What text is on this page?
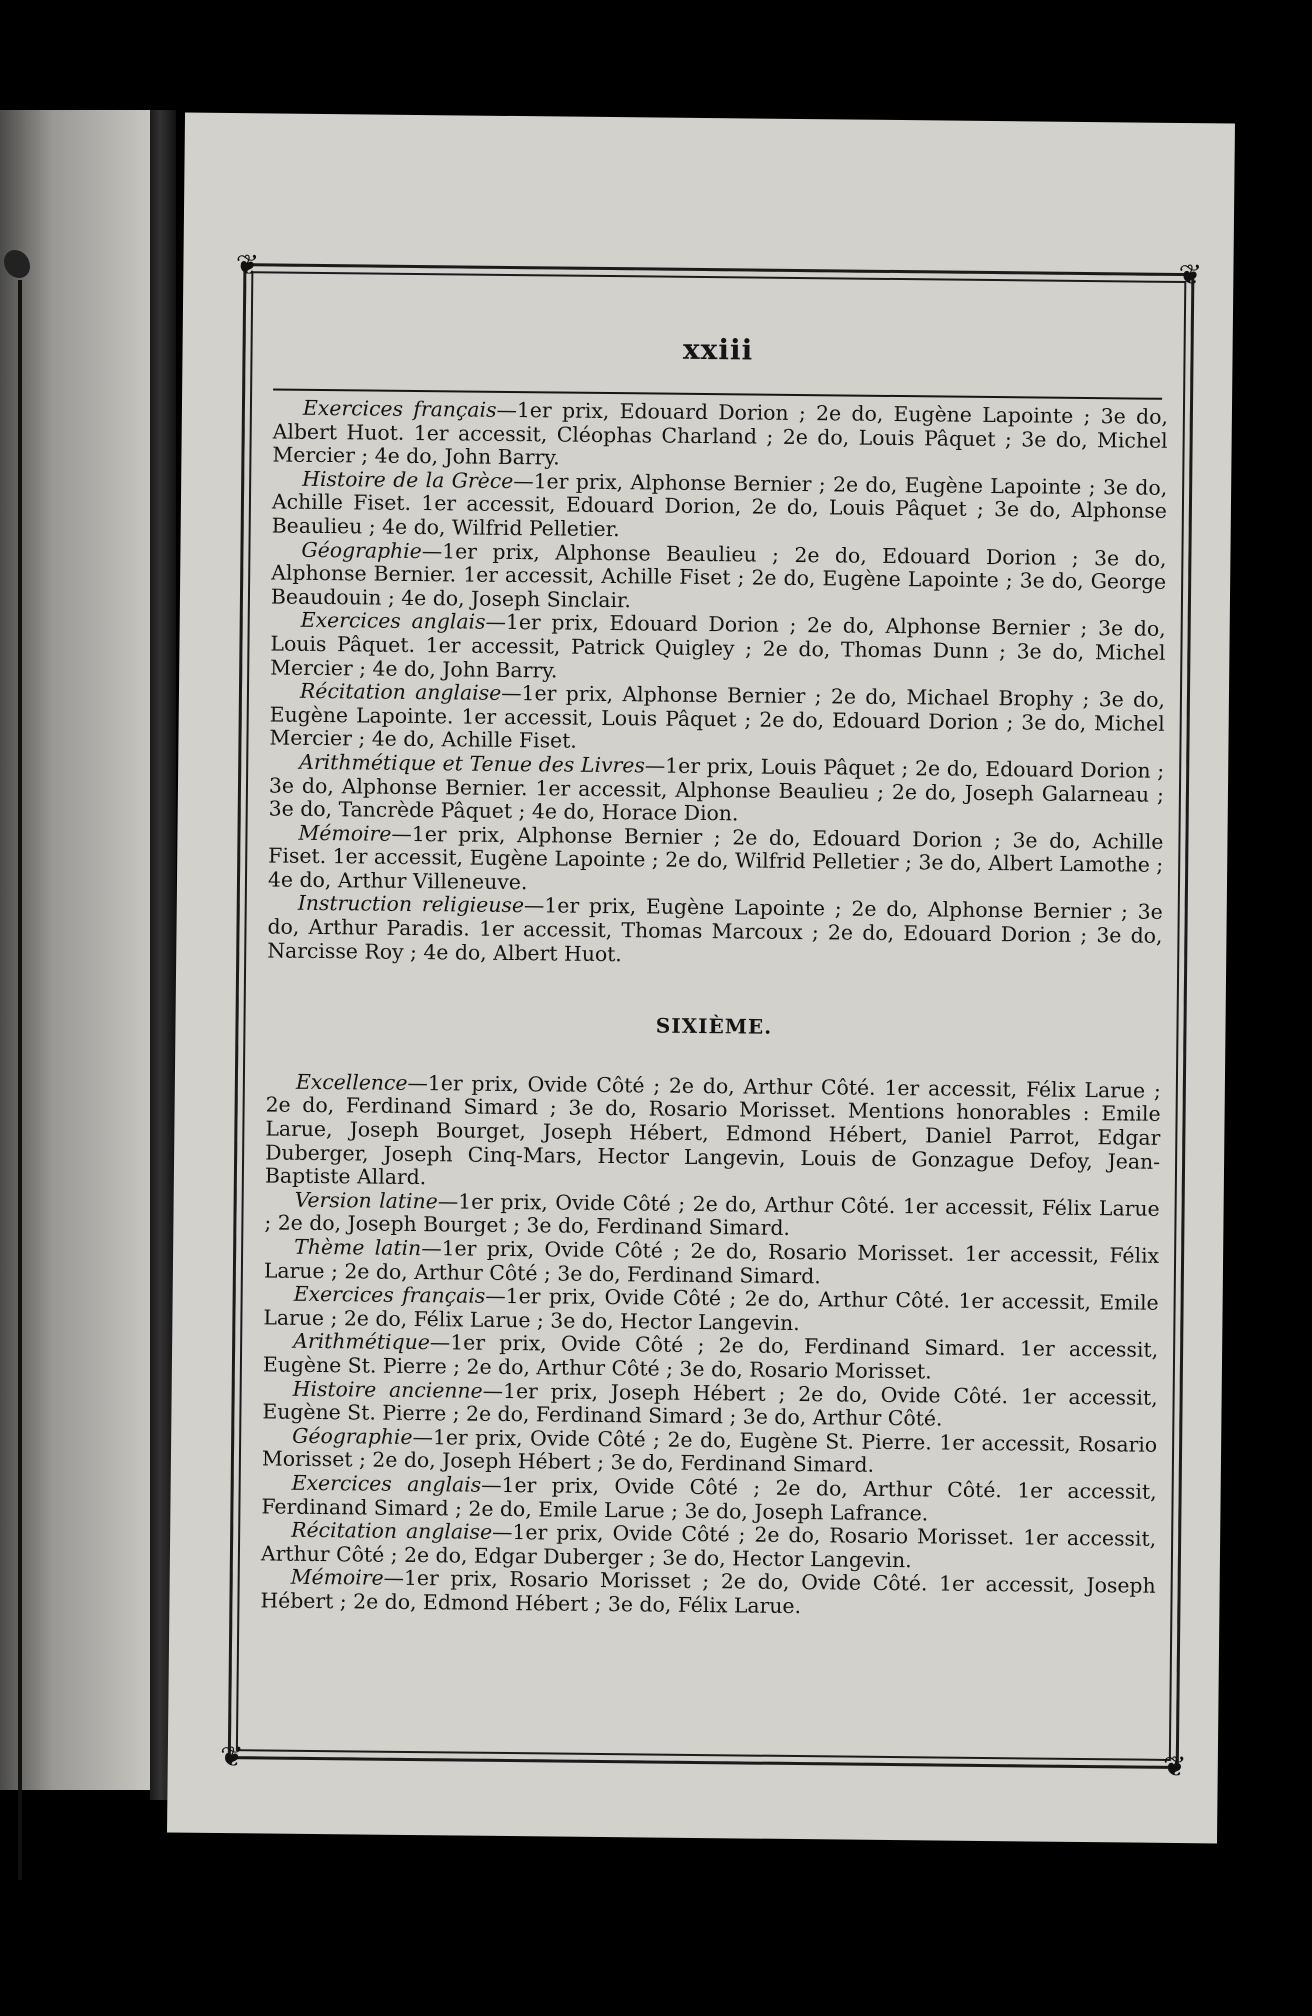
❦	❦
❦	❦
xxiii

Exercices français—1er prix, Edouard Dorion ; 2e do, Eugène Lapointe ; 3e do, Albert Huot. 1er accessit, Cléophas Charland ; 2e do, Louis Pâquet ; 3e do, Michel Mercier ; 4e do, John Barry.

Histoire de la Grèce—1er prix, Alphonse Bernier ; 2e do, Eugène Lapointe ; 3e do, Achille Fiset. 1er accessit, Edouard Dorion, 2e do, Louis Pâquet ; 3e do, Alphonse Beaulieu ; 4e do, Wilfrid Pelletier.

Géographie—1er prix, Alphonse Beaulieu ; 2e do, Edouard Dorion ; 3e do, Alphonse Bernier. 1er accessit, Achille Fiset ; 2e do, Eugène Lapointe ; 3e do, George Beaudouin ; 4e do, Joseph Sinclair.

Exercices anglais—1er prix, Edouard Dorion ; 2e do, Alphonse Bernier ; 3e do, Louis Pâquet. 1er accessit, Patrick Quigley ; 2e do, Thomas Dunn ; 3e do, Michel Mercier ; 4e do, John Barry.

Récitation anglaise—1er prix, Alphonse Bernier ; 2e do, Michael Brophy ; 3e do, Eugène Lapointe. 1er accessit, Louis Pâquet ; 2e do, Edouard Dorion ; 3e do, Michel Mercier ; 4e do, Achille Fiset.

Arithmétique et Tenue des Livres—1er prix, Louis Pâquet ; 2e do, Edouard Dorion ; 3e do, Alphonse Bernier. 1er accessit, Alphonse Beaulieu ; 2e do, Joseph Galarneau ; 3e do, Tancrède Pâquet ; 4e do, Horace Dion.

Mémoire—1er prix, Alphonse Bernier ; 2e do, Edouard Dorion ; 3e do, Achille Fiset. 1er accessit, Eugène Lapointe ; 2e do, Wilfrid Pelletier ; 3e do, Albert Lamothe ; 4e do, Arthur Villeneuve.

Instruction religieuse—1er prix, Eugène Lapointe ; 2e do, Alphonse Bernier ; 3e do, Arthur Paradis. 1er accessit, Thomas Marcoux ; 2e do, Edouard Dorion ; 3e do, Narcisse Roy ; 4e do, Albert Huot.

SIXIÈME.

Excellence—1er prix, Ovide Côté ; 2e do, Arthur Côté. 1er accessit, Félix Larue ; 2e do, Ferdinand Simard ; 3e do, Rosario Morisset. Mentions honorables : Emile Larue, Joseph Bourget, Joseph Hébert, Edmond Hébert, Daniel Parrot, Edgar Duberger, Joseph Cinq-Mars, Hector Langevin, Louis de Gonzague Defoy, Jean-Baptiste Allard.

Version latine—1er prix, Ovide Côté ; 2e do, Arthur Côté. 1er accessit, Félix Larue ; 2e do, Joseph Bourget ; 3e do, Ferdinand Simard.

Thème latin—1er prix, Ovide Côté ; 2e do, Rosario Morisset. 1er accessit, Félix Larue ; 2e do, Arthur Côté ; 3e do, Ferdinand Simard.

Exercices français—1er prix, Ovide Côté ; 2e do, Arthur Côté. 1er accessit, Emile Larue ; 2e do, Félix Larue ; 3e do, Hector Langevin.

Arithmétique—1er prix, Ovide Côté ; 2e do, Ferdinand Simard. 1er accessit, Eugène St. Pierre ; 2e do, Arthur Côté ; 3e do, Rosario Morisset.

Histoire ancienne—1er prix, Joseph Hébert ; 2e do, Ovide Côté. 1er accessit, Eugène St. Pierre ; 2e do, Ferdinand Simard ; 3e do, Arthur Côté.

Géographie—1er prix, Ovide Côté ; 2e do, Eugène St. Pierre. 1er accessit, Rosario Morisset ; 2e do, Joseph Hébert ; 3e do, Ferdinand Simard.

Exercices anglais—1er prix, Ovide Côté ; 2e do, Arthur Côté. 1er accessit, Ferdinand Simard ; 2e do, Emile Larue ; 3e do, Joseph Lafrance.

Récitation anglaise—1er prix, Ovide Côté ; 2e do, Rosario Morisset. 1er accessit, Arthur Côté ; 2e do, Edgar Duberger ; 3e do, Hector Langevin.

Mémoire—1er prix, Rosario Morisset ; 2e do, Ovide Côté. 1er accessit, Joseph Hébert ; 2e do, Edmond Hébert ; 3e do, Félix Larue.
